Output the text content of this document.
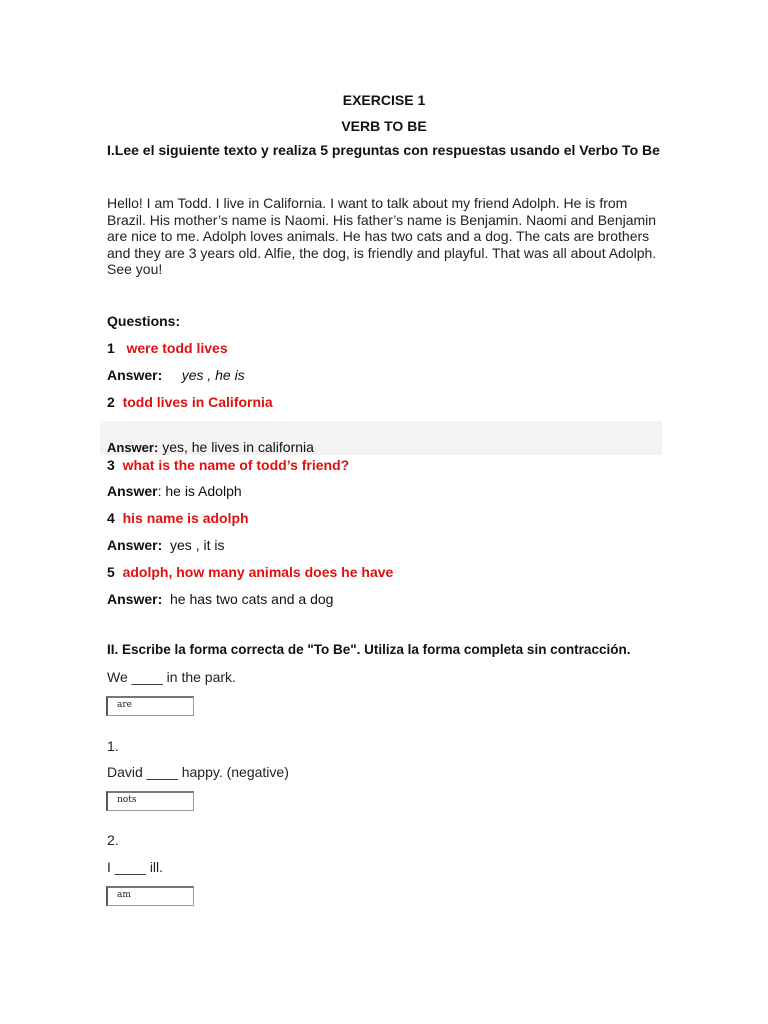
EXERCISE 1
VERB TO BE
I.Lee el siguiente texto y realiza 5 preguntas con respuestas usando el Verbo To Be
Hello! I am Todd. I live in California. I want to talk about my friend Adolph. He is from Brazil. His mother’s name is Naomi. His father’s name is Benjamin. Naomi and Benjamin are nice to me. Adolph loves animals. He has two cats and a dog. The cats are brothers and they are 3 years old. Alfie, the dog, is friendly and playful. That was all about Adolph. See you!
Questions:
1 were todd lives
Answer: yes , he is
2 todd lives in California
Answer: yes, he lives in california
3 what is the name of todd’s friend?
Answer: he is Adolph
4 his name is adolph
Answer: yes , it is
5 adolph, how many animals does he have
Answer: he has two cats and a dog
II. Escribe la forma correcta de "To Be". Utiliza la forma completa sin contracción.
We ____ in the park.
are
1.
David ____ happy. (negative)
nots
2.
I ____ ill.
am
